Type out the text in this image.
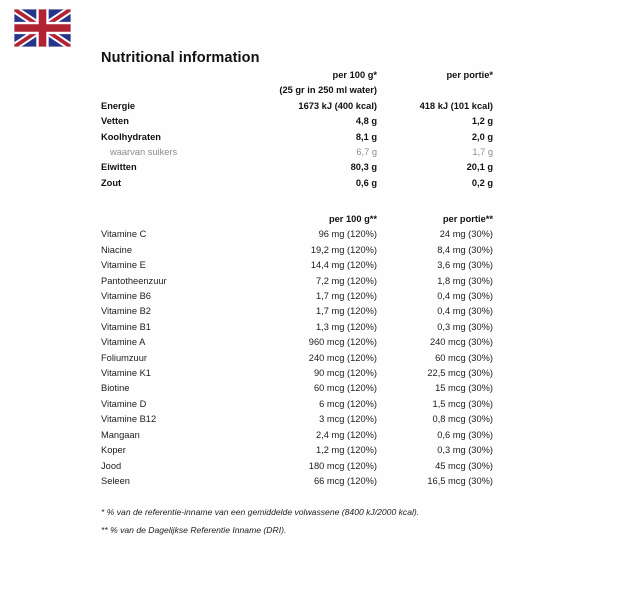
Nutritional information
	per 100 g*	per portie*
	(25 gr in 250 ml water)	
Energie	1673 kJ (400 kcal)	418 kJ (101 kcal)
Vetten	4,8 g	1,2 g
Koolhydraten	8,1 g	2,0 g
waarvan suikers	6,7 g	1,7 g
Eiwitten	80,3 g	20,1 g
Zout	0,6 g	0,2 g
	per 100 g**	per portie**
Vitamine C	96 mg (120%)	24 mg (30%)
Niacine	19,2 mg (120%)	8,4 mg (30%)
Vitamine E	14,4 mg (120%)	3,6 mg (30%)
Pantotheenzuur	7,2 mg (120%)	1,8 mg (30%)
Vitamine B6	1,7 mg (120%)	0,4 mg (30%)
Vitamine B2	1,7 mg (120%)	0,4 mg (30%)
Vitamine B1	1,3 mg (120%)	0,3 mg (30%)
Vitamine A	960 mcg (120%)	240 mcg (30%)
Foliumzuur	240 mcg (120%)	60 mcg (30%)
Vitamine K1	90 mcg (120%)	22,5 mcg (30%)
Biotine	60 mcg (120%)	15 mcg (30%)
Vitamine D	6 mcg (120%)	1,5 mcg (30%)
Vitamine B12	3 mcg (120%)	0,8 mcg (30%)
Mangaan	2,4 mg (120%)	0,6 mg (30%)
Koper	1,2 mg (120%)	0,3 mg (30%)
Jood	180 mcg (120%)	45 mcg (30%)
Seleen	66 mcg (120%)	16,5 mcg (30%)
* % van de referentie-inname van een gemiddelde volwassene (8400 kJ/2000 kcal).
** % van de Dagelijkse Referentie Inname (DRI).
